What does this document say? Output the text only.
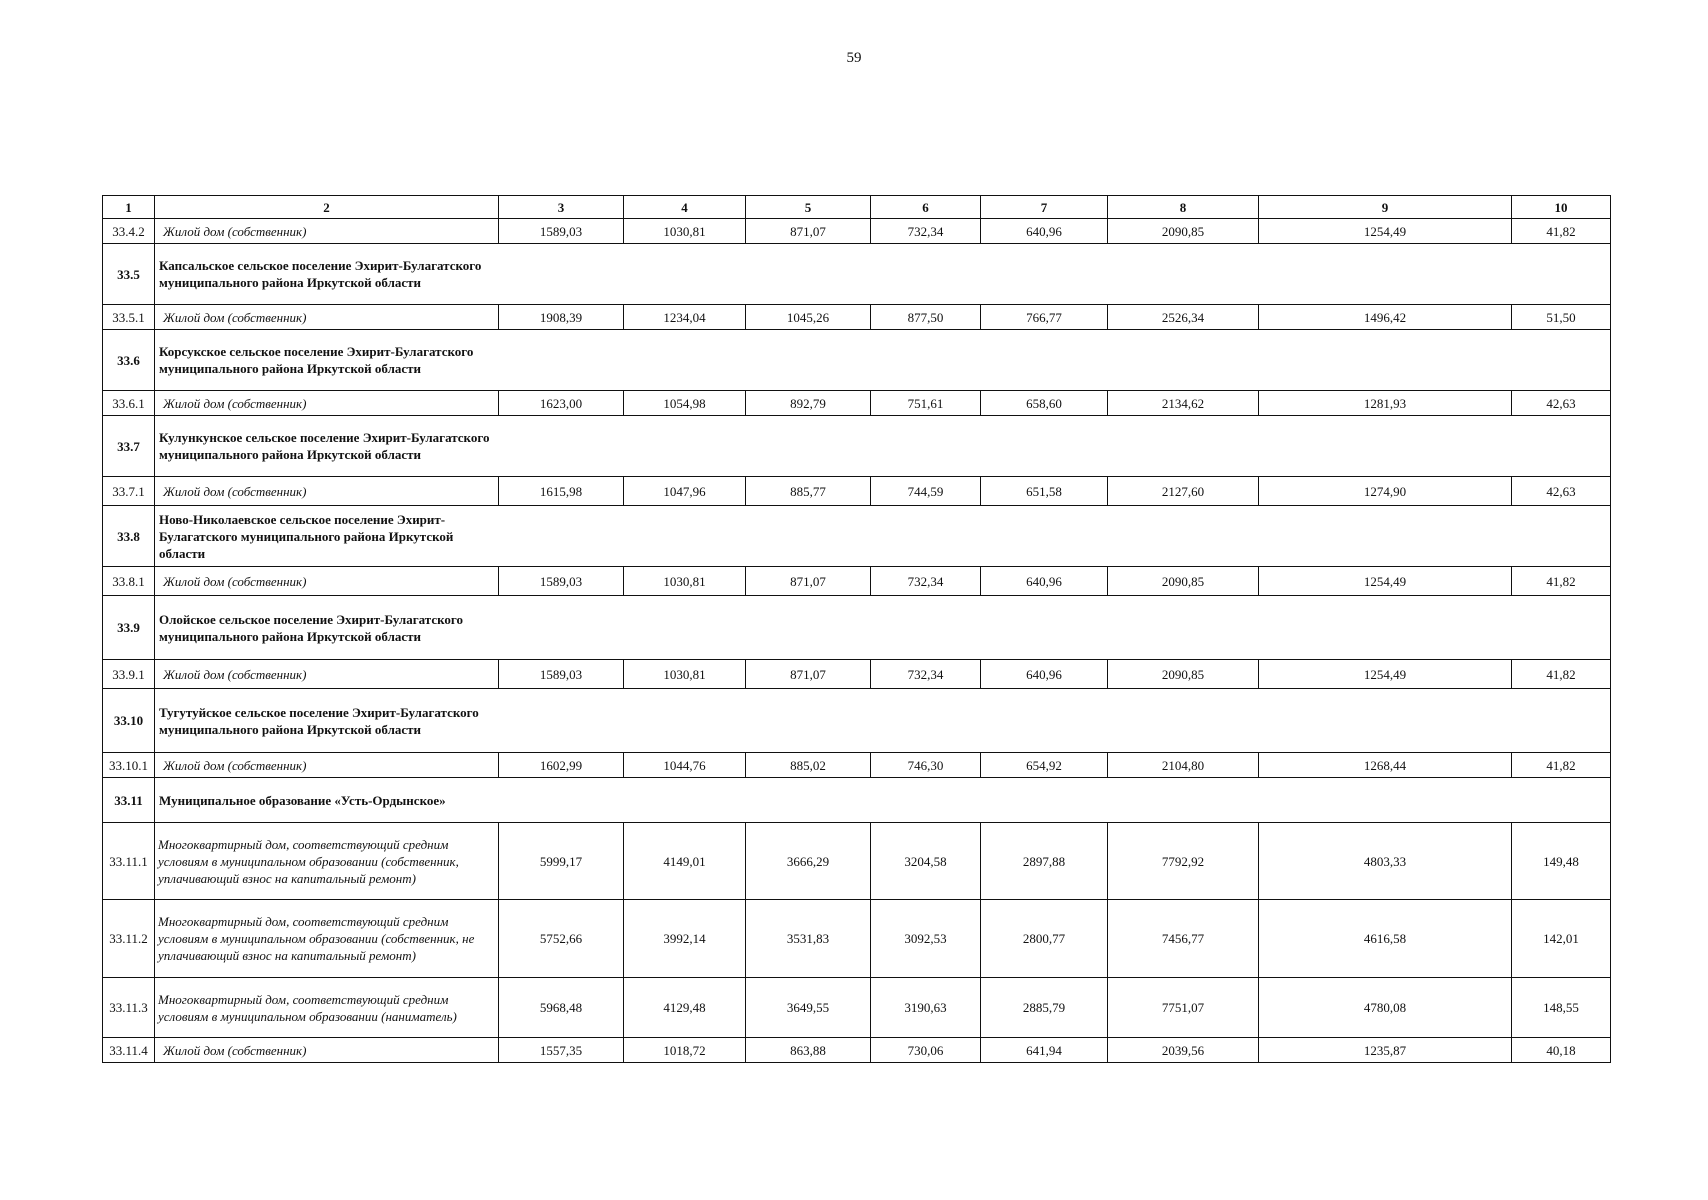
59
1	2	3	4	5	6	7	8	9	10
33.4.2	Жилой дом (собственник)	1589,03	1030,81	871,07	732,34	640,96	2090,85	1254,49	41,82
33.5	Капсальское сельское поселение Эхирит-Булагатского муниципального района Иркутской области								
33.5.1	Жилой дом (собственник)	1908,39	1234,04	1045,26	877,50	766,77	2526,34	1496,42	51,50
33.6	Корсукское сельское поселение Эхирит-Булагатского муниципального района Иркутской области								
33.6.1	Жилой дом (собственник)	1623,00	1054,98	892,79	751,61	658,60	2134,62	1281,93	42,63
33.7	Кулункунское сельское поселение Эхирит-Булагатского муниципального района Иркутской области								
33.7.1	Жилой дом (собственник)	1615,98	1047,96	885,77	744,59	651,58	2127,60	1274,90	42,63
33.8	Ново-Николаевское сельское поселение Эхирит-Булагатского муниципального района Иркутской области								
33.8.1	Жилой дом (собственник)	1589,03	1030,81	871,07	732,34	640,96	2090,85	1254,49	41,82
33.9	Олойское сельское поселение Эхирит-Булагатского муниципального района Иркутской области								
33.9.1	Жилой дом (собственник)	1589,03	1030,81	871,07	732,34	640,96	2090,85	1254,49	41,82
33.10	Тугутуйское сельское поселение Эхирит-Булагатского муниципального района Иркутской области								
33.10.1	Жилой дом (собственник)	1602,99	1044,76	885,02	746,30	654,92	2104,80	1268,44	41,82
33.11	Муниципальное образование «Усть-Ордынское»								
33.11.1	Многоквартирный дом, соответствующий средним условиям в муниципальном образовании (собственник, уплачивающий взнос на капитальный ремонт)	5999,17	4149,01	3666,29	3204,58	2897,88	7792,92	4803,33	149,48
33.11.2	Многоквартирный дом, соответствующий средним условиям в муниципальном образовании (собственник, не уплачивающий взнос на капитальный ремонт)	5752,66	3992,14	3531,83	3092,53	2800,77	7456,77	4616,58	142,01
33.11.3	Многоквартирный дом, соответствующий средним условиям в муниципальном образовании (наниматель)	5968,48	4129,48	3649,55	3190,63	2885,79	7751,07	4780,08	148,55
33.11.4	Жилой дом (собственник)	1557,35	1018,72	863,88	730,06	641,94	2039,56	1235,87	40,18
